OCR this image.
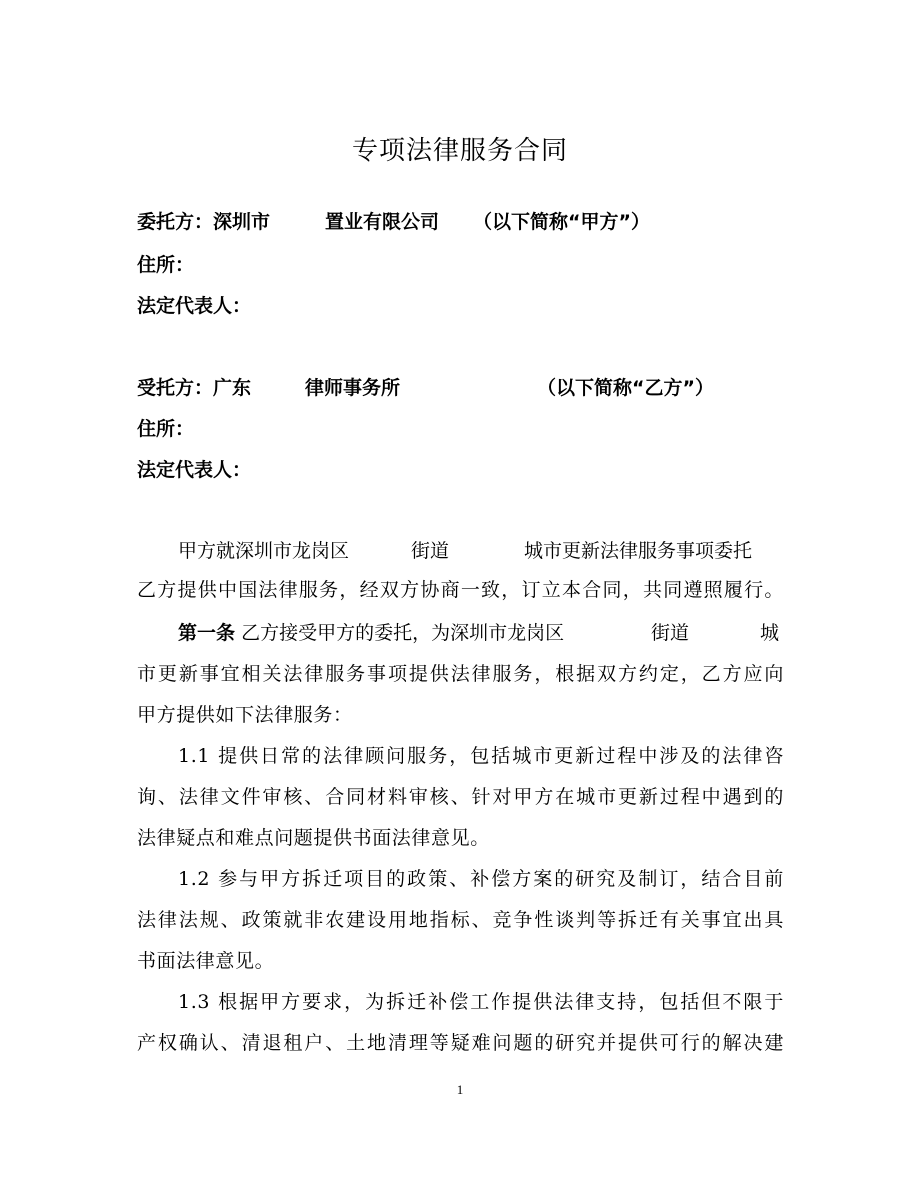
专项法律服务合同
委托方：深圳市	置业有限公司 （以下简称“甲方”）
住所：
法定代表人：
受托方：广东	律师事务所	（以下简称“乙方”）
住所：
法定代表人：
甲方就深圳市龙岗区	街道	城市更新法律服务事项委托
乙方提供中国法律服务，经双方协商一致，订立本合同，共同遵照履行。
第一条 乙方接受甲方的委托，为深圳市龙岗区	街道	城
市更新事宜相关法律服务事项提供法律服务，根据双方约定，乙方应向
甲方提供如下法律服务：
1.1 提供日常的法律顾问服务，包括城市更新过程中涉及的法律咨
询、法律文件审核、合同材料审核、针对甲方在城市更新过程中遇到的
法律疑点和难点问题提供书面法律意见。
1.2 参与甲方拆迁项目的政策、补偿方案的研究及制订，结合目前
法律法规、政策就非农建设用地指标、竞争性谈判等拆迁有关事宜出具
书面法律意见。
1.3 根据甲方要求，为拆迁补偿工作提供法律支持，包括但不限于
产权确认、清退租户、土地清理等疑难问题的研究并提供可行的解决建
1
